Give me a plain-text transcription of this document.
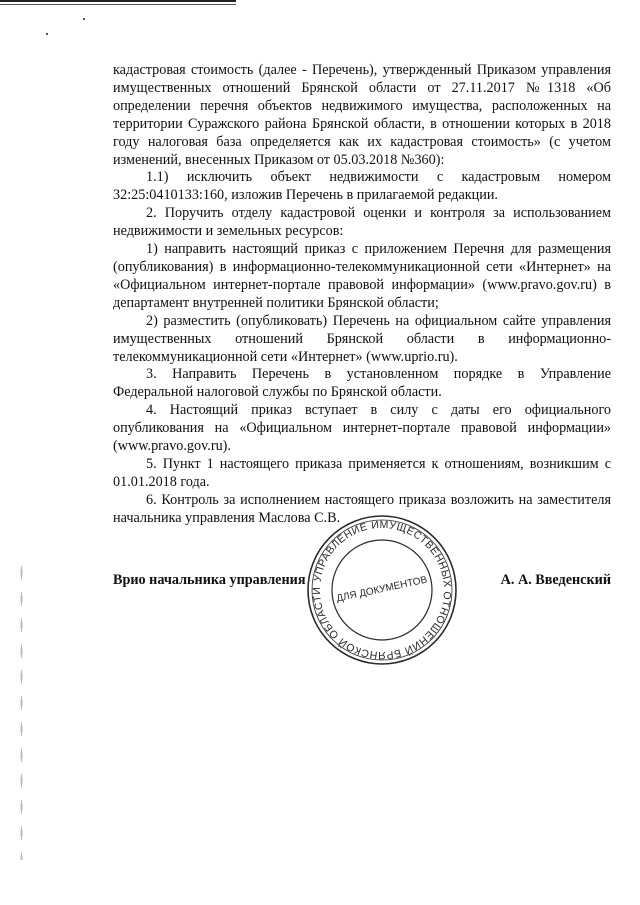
кадастровая стоимость (далее - Перечень), утвержденный Приказом управления имущественных отношений Брянской области от 27.11.2017 №1318 «Об определении перечня объектов недвижимого имущества, расположенных на территории Суражского района Брянской области, в отношении которых в 2018 году налоговая база определяется как их кадастровая стоимость» (с учетом изменений, внесенных Приказом от 05.03.2018 №360):

1.1) исключить объект недвижимости с кадастровым номером 32:25:0410133:160, изложив Перечень в прилагаемой редакции.

2. Поручить отделу кадастровой оценки и контроля за использованием недвижимости и земельных ресурсов:

1) направить настоящий приказ с приложением Перечня для размещения (опубликования) в информационно-телекоммуникационной сети «Интернет» на «Официальном интернет-портале правовой информации» (www.pravo.gov.ru) в департамент внутренней политики Брянской области;

2) разместить (опубликовать) Перечень на официальном сайте управления имущественных отношений Брянской области в информационно-телекоммуникационной сети «Интернет» (www.uprio.ru).

3. Направить Перечень в установленном порядке в Управление Федеральной налоговой службы по Брянской области.

4. Настоящий приказ вступает в силу с даты его официального опубликования на «Официальном интернет-портале правовой информации» (www.pravo.gov.ru).

5. Пункт 1 настоящего приказа применяется к отношениям, возникшим с 01.01.2018 года.

6. Контроль за исполнением настоящего приказа возложить на заместителя начальника управления Маслова С.В.

Врио начальника управления	А. А. Введенский
УПРАВЛЕНИЕ ИМУЩЕСТВЕННЫХ ОТНОШЕНИЙ БРЯНСКОЙ ОБЛАСТИ	ДЛЯ ДОКУМЕНТОВ
